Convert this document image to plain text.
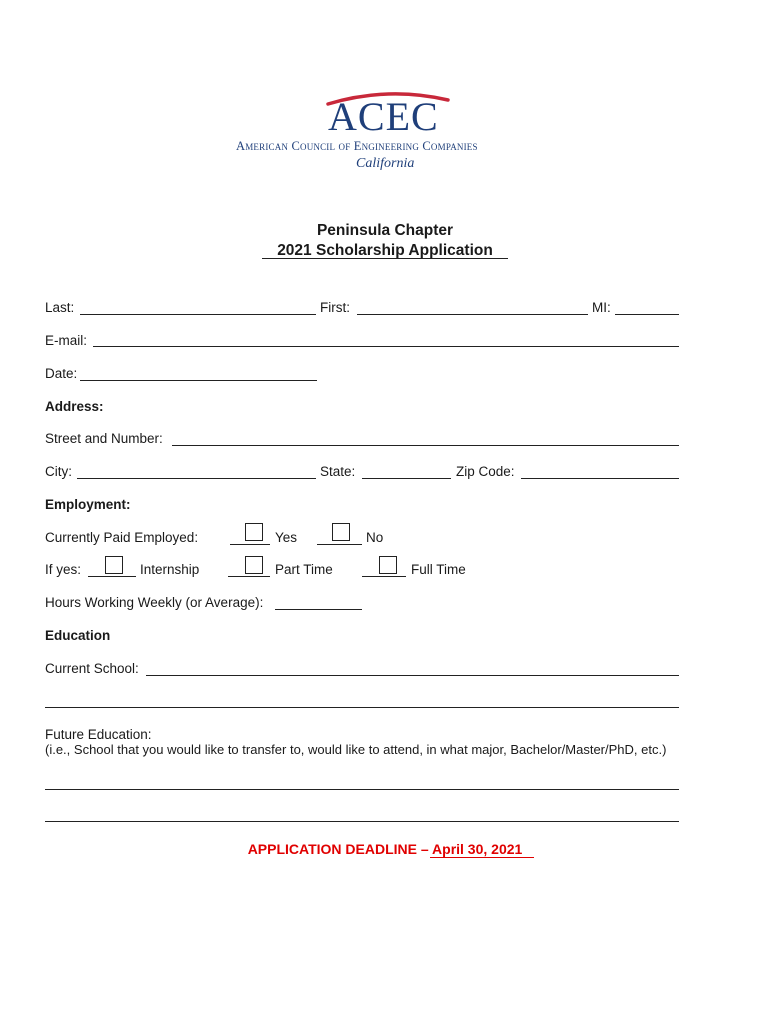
ACEC
American Council of Engineering Companies
California
Peninsula Chapter
2021 Scholarship Application
Last:	First:	MI:
E-mail:
Date:
Address:
Street and Number:
City:	State:	Zip Code:
Employment:
Currently Paid Employed:	Yes	No
If yes:	Internship	Part Time	Full Time
Hours Working Weekly (or Average):
Education
Current School:
Future Education:
(i.e., School that you would like to transfer to, would like to attend, in what major, Bachelor/Master/PhD, etc.)
APPLICATION DEADLINE – April 30, 2021
